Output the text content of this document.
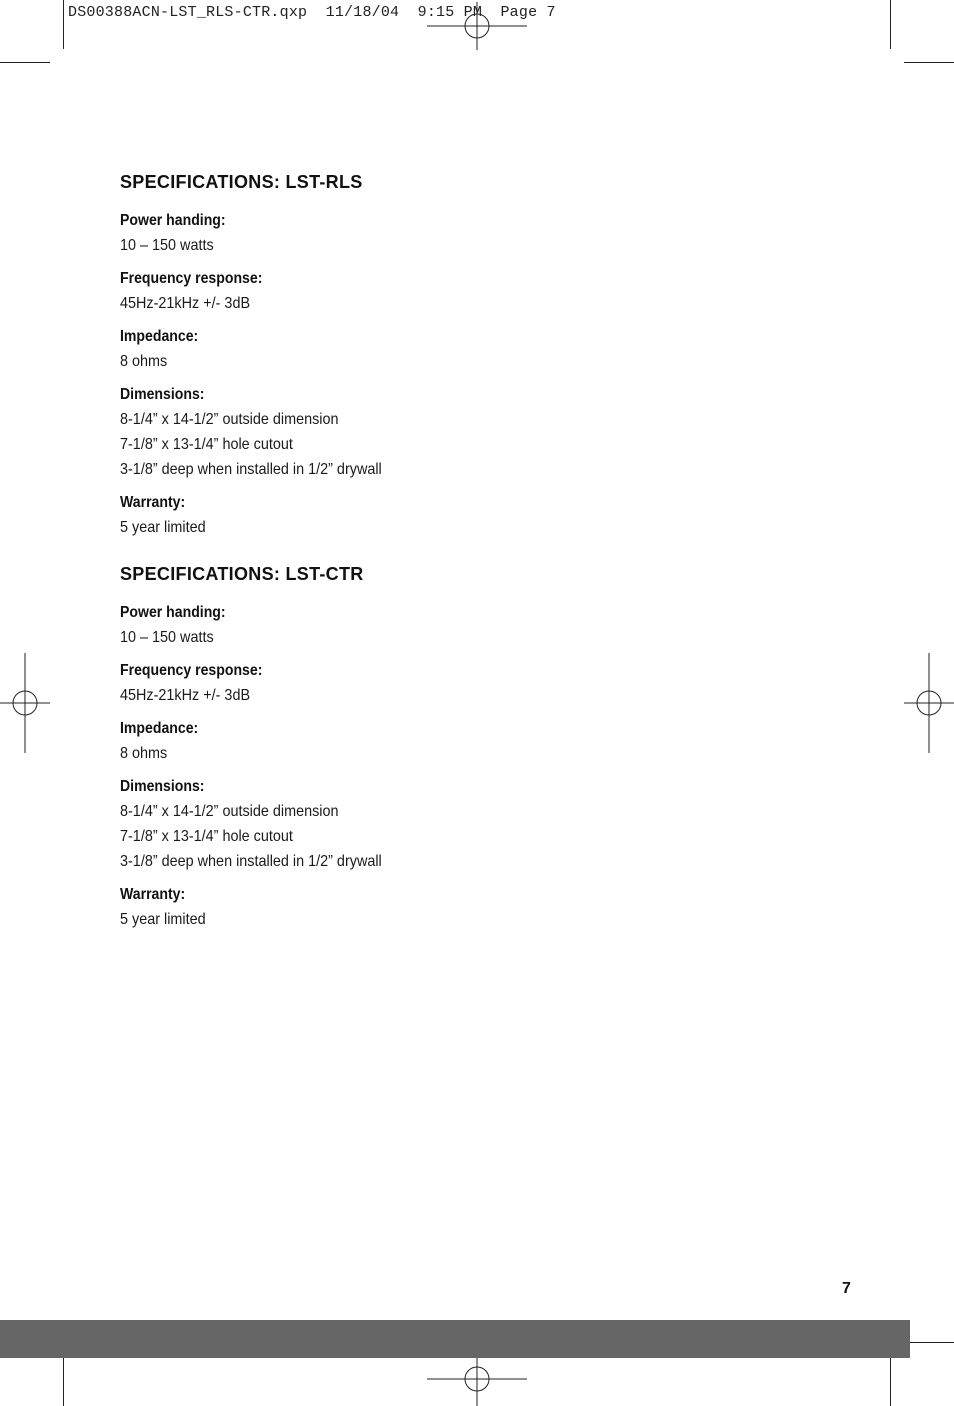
DS00388ACN-LST_RLS-CTR.qxp  11/18/04  9:15 PM  Page 7
SPECIFICATIONS: LST-RLS
Power handing:
10 – 150 watts
Frequency response:
45Hz-21kHz +/- 3dB
Impedance:
8 ohms
Dimensions:
8-1/4” x 14-1/2” outside dimension
7-1/8” x 13-1/4” hole cutout
3-1/8” deep when installed in 1/2” drywall
Warranty:
5 year limited
SPECIFICATIONS: LST-CTR
Power handing:
10 – 150 watts
Frequency response:
45Hz-21kHz +/- 3dB
Impedance:
8 ohms
Dimensions:
8-1/4” x 14-1/2” outside dimension
7-1/8” x 13-1/4” hole cutout
3-1/8” deep when installed in 1/2” drywall
Warranty:
5 year limited
7
